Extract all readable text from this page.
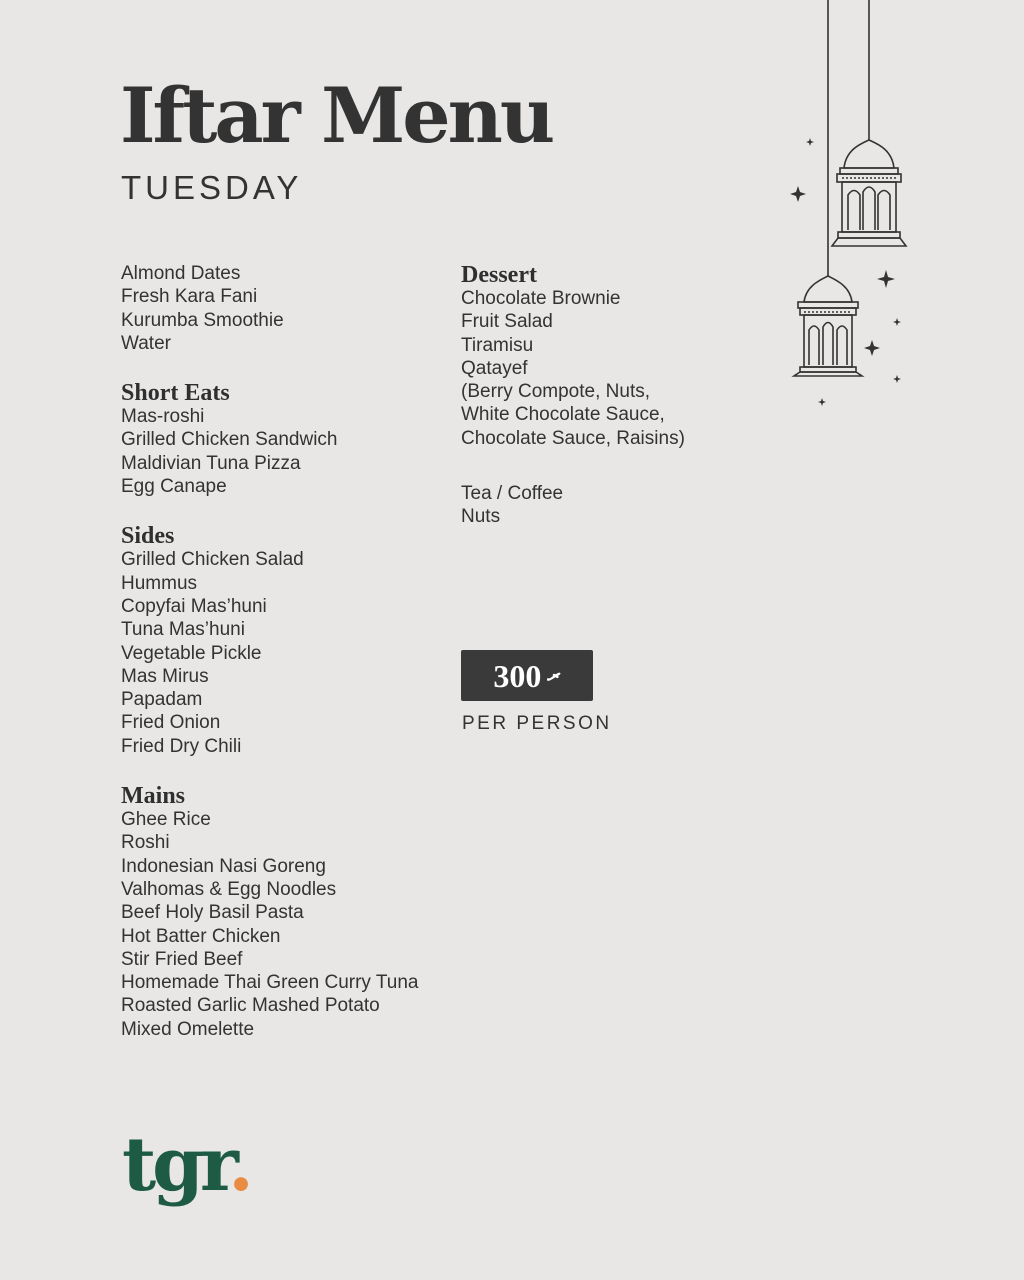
Iftar Menu
TUESDAY
Almond Dates
Fresh Kara Fani
Kurumba Smoothie
Water
Short Eats
Mas-roshi
Grilled Chicken Sandwich
Maldivian Tuna Pizza
Egg Canape
Sides
Grilled Chicken Salad
Hummus
Copyfai Mas’huni
Tuna Mas’huni
Vegetable Pickle
Mas Mirus
Papadam
Fried Onion
Fried Dry Chili
Mains
Ghee Rice
Roshi
Indonesian Nasi Goreng
Valhomas & Egg Noodles
Beef Holy Basil Pasta
Hot Batter Chicken
Stir Fried Beef
Homemade Thai Green Curry Tuna
Roasted Garlic Mashed Potato
Mixed Omelette
Dessert
Chocolate Brownie
Fruit Salad
Tiramisu
Qatayef
(Berry Compote, Nuts,
White Chocolate Sauce,
Chocolate Sauce, Raisins)
Tea / Coffee
Nuts
300 ރ
PER PERSON
tgr.
